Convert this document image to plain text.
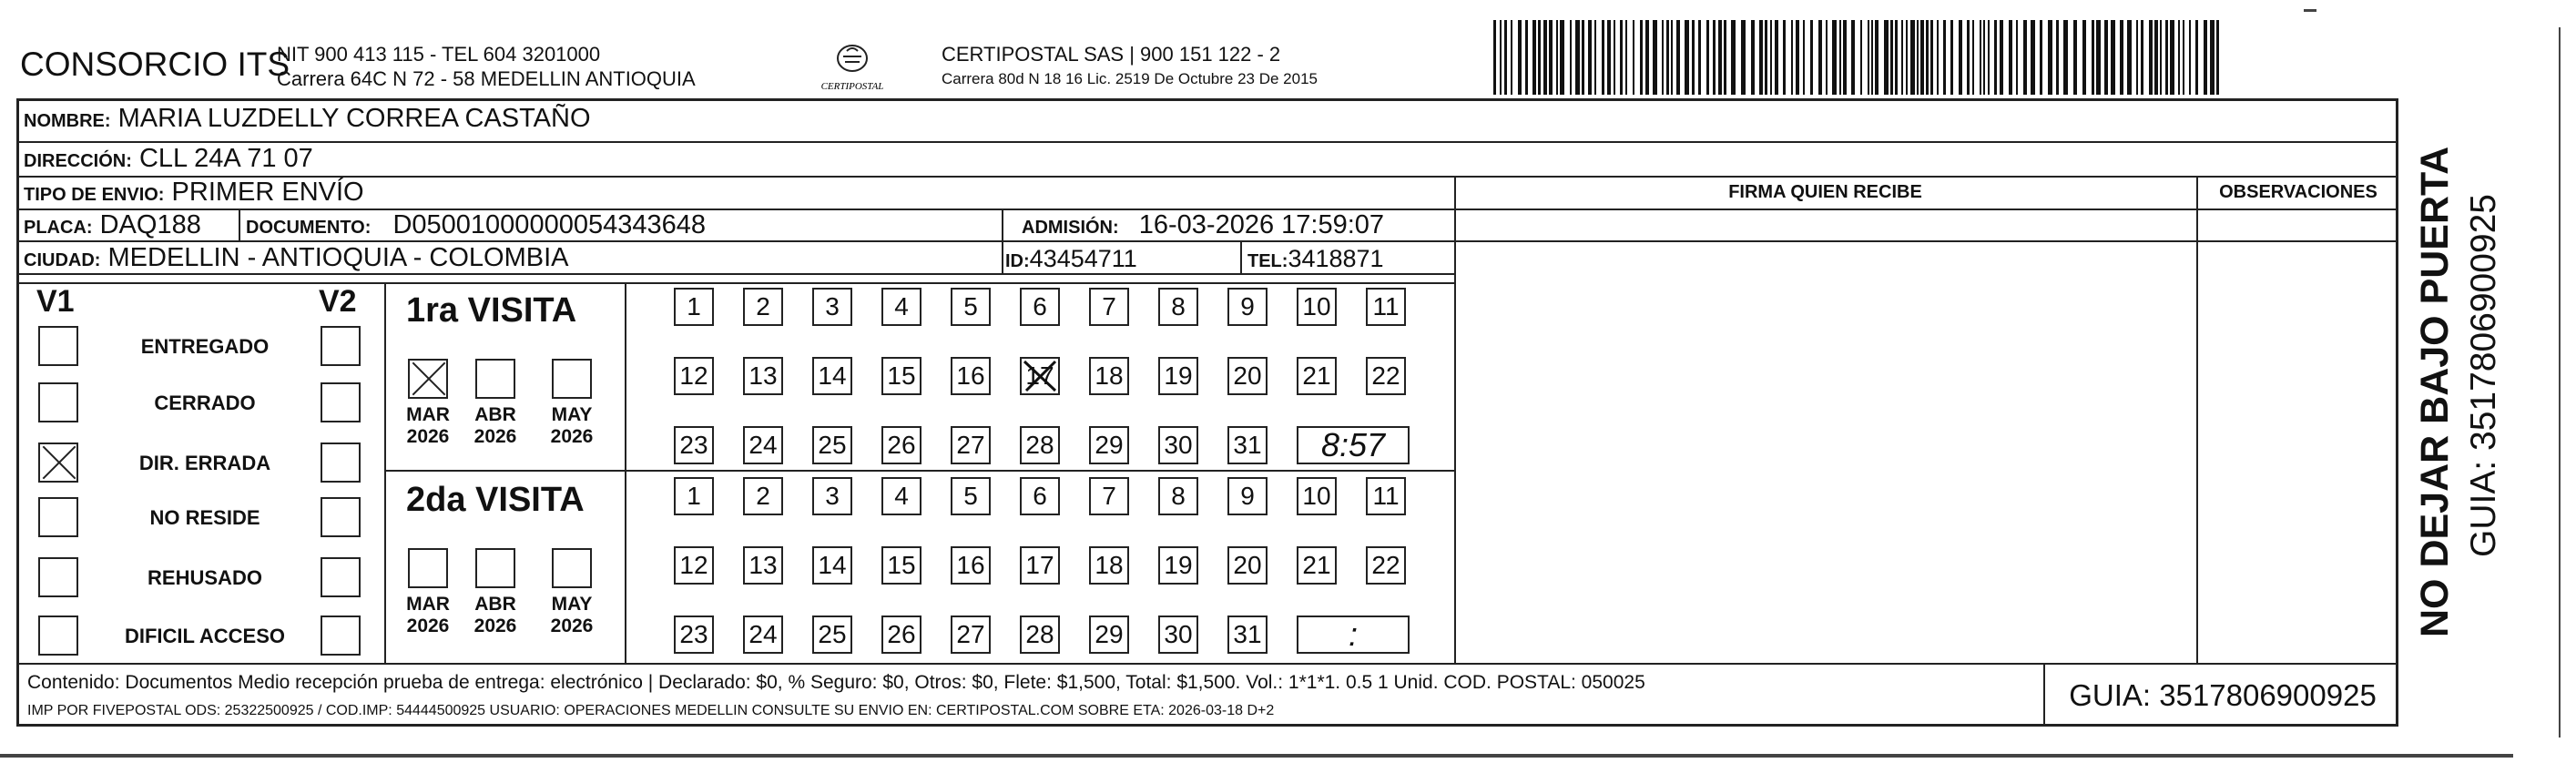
CONSORCIO ITS
NIT 900 413 115 - TEL 604 3201000
Carrera 64C N 72 - 58 MEDELLIN ANTIOQUIA	CERTIPOSTAL
CERTIPOSTAL SAS | 900 151 122 - 2
Carrera 80d N 18 16 Lic. 2519 De Octubre 23 De 2015
NOMBRE: MARIA LUZDELLY CORREA CASTAÑO
DIRECCIÓN: CLL 24A 71 07
TIPO DE ENVIO: PRIMER ENVÍO
PLACA: DAQ188 DOCUMENTO: D05001000000054343648	ADMISIÓN: 16-03-2026 17:59:07
CIUDAD: MEDELLIN - ANTIOQUIA - COLOMBIA	ID:43454711	TEL:3418871
FIRMA QUIEN RECIBE	OBSERVACIONES
V1	V2
ENTREGADO
CERRADO
DIR. ERRADA
NO RESIDE
REHUSADO
DIFICIL ACCESO
1ra VISITA
2da VISITA
MAR
2026
ABR
2026
MAY
2026
1	2	3	4	5	6	7	8	9	10 11
12 13 14 15 16 17 18 19 20 21 22
23 24 25 26 27 28 29 30 31	8:57
MAR
2026
ABR
2026
MAY
2026
1	2	3	4	5	6	7	8	9	10 11
12 13 14 15 16 17 18 19 20 21 22
23 24 25 26 27 28 29 30 31	:
Contenido: Documentos Medio recepción prueba de entrega: electrónico | Declarado: $0, % Seguro: $0, Otros: $0, Flete: $1,500, Total: $1,500. Vol.: 1*1*1. 0.5 1 Unid. COD. POSTAL: 050025
IMP POR FIVEPOSTAL ODS: 25322500925 / COD.IMP: 54444500925 USUARIO: OPERACIONES MEDELLIN CONSULTE SU ENVIO EN: CERTIPOSTAL.COM SOBRE ETA: 2026-03-18 D+2	GUIA: 3517806900925
NO DEJAR BAJO PUERTA GUIA: 3517806900925
